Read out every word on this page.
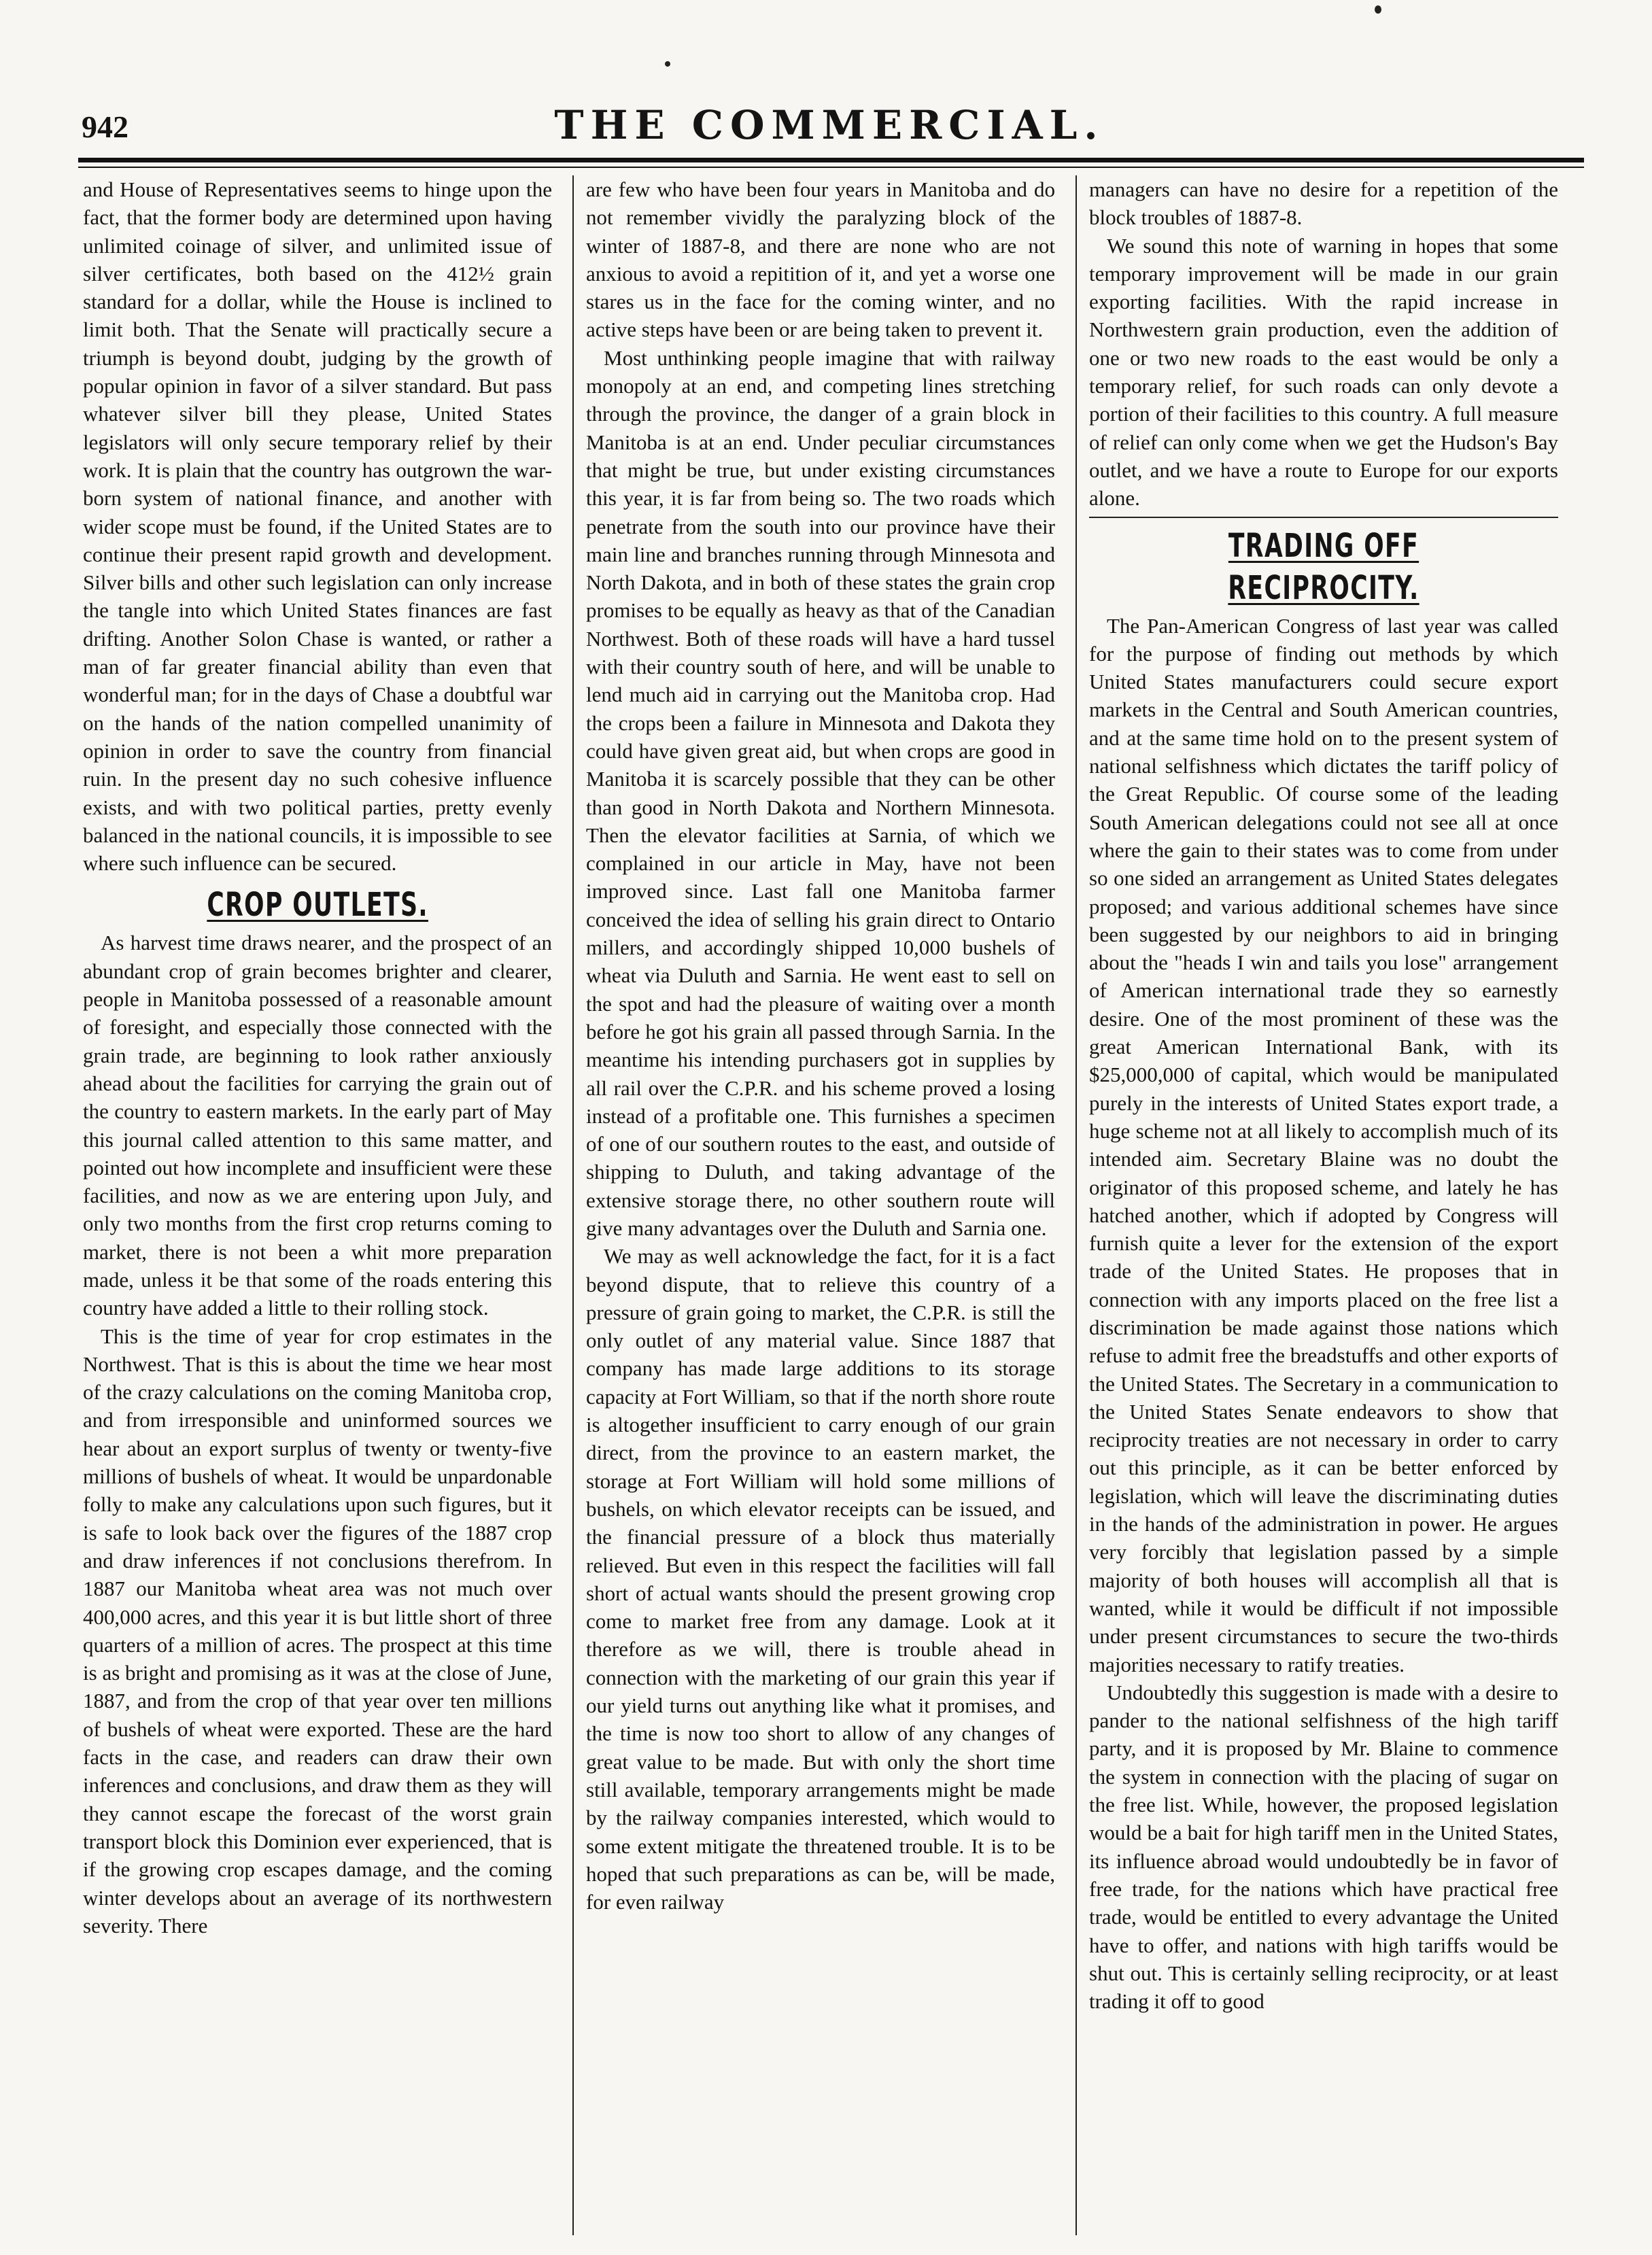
942	THE COMMERCIAL.

and House of Representatives seems to hinge upon the fact, that the former body are determined upon having unlimited coinage of silver, and unlimited issue of silver certificates, both based on the 412½ grain standard for a dollar, while the House is inclined to limit both. That the Senate will practically secure a triumph is beyond doubt, judging by the growth of popular opinion in favor of a silver standard. But pass whatever silver bill they please, United States legislators will only secure temporary relief by their work. It is plain that the country has outgrown the war-born system of national finance, and another with wider scope must be found, if the United States are to continue their present rapid growth and development. Silver bills and other such legislation can only increase the tangle into which United States finances are fast drifting. Another Solon Chase is wanted, or rather a man of far greater financial ability than even that wonderful man; for in the days of Chase a doubtful war on the hands of the nation compelled unanimity of opinion in order to save the country from financial ruin. In the present day no such cohesive influence exists, and with two political parties, pretty evenly balanced in the national councils, it is impossible to see where such influence can be secured.

CROP OUTLETS.

As harvest time draws nearer, and the prospect of an abundant crop of grain becomes brighter and clearer, people in Manitoba possessed of a reasonable amount of foresight, and especially those connected with the grain trade, are beginning to look rather anxiously ahead about the facilities for carrying the grain out of the country to eastern markets. In the early part of May this journal called attention to this same matter, and pointed out how incomplete and insufficient were these facilities, and now as we are entering upon July, and only two months from the first crop returns coming to market, there is not been a whit more preparation made, unless it be that some of the roads entering this country have added a little to their rolling stock.

This is the time of year for crop estimates in the Northwest. That is this is about the time we hear most of the crazy calculations on the coming Manitoba crop, and from irresponsible and uninformed sources we hear about an export surplus of twenty or twenty-five millions of bushels of wheat. It would be unpardonable folly to make any calculations upon such figures, but it is safe to look back over the figures of the 1887 crop and draw inferences if not conclusions therefrom. In 1887 our Manitoba wheat area was not much over 400,000 acres, and this year it is but little short of three quarters of a million of acres. The prospect at this time is as bright and promising as it was at the close of June, 1887, and from the crop of that year over ten millions of bushels of wheat were exported. These are the hard facts in the case, and readers can draw their own inferences and conclusions, and draw them as they will they cannot escape the forecast of the worst grain transport block this Dominion ever experienced, that is if the growing crop escapes damage, and the coming winter develops about an average of its northwestern severity. There

are few who have been four years in Manitoba and do not remember vividly the paralyzing block of the winter of 1887-8, and there are none who are not anxious to avoid a repitition of it, and yet a worse one stares us in the face for the coming winter, and no active steps have been or are being taken to prevent it.

Most unthinking people imagine that with railway monopoly at an end, and competing lines stretching through the province, the danger of a grain block in Manitoba is at an end. Under peculiar circumstances that might be true, but under existing circumstances this year, it is far from being so. The two roads which penetrate from the south into our province have their main line and branches running through Minnesota and North Dakota, and in both of these states the grain crop promises to be equally as heavy as that of the Canadian Northwest. Both of these roads will have a hard tussel with their country south of here, and will be unable to lend much aid in carrying out the Manitoba crop. Had the crops been a failure in Minnesota and Dakota they could have given great aid, but when crops are good in Manitoba it is scarcely possible that they can be other than good in North Dakota and Northern Minnesota. Then the elevator facilities at Sarnia, of which we complained in our article in May, have not been improved since. Last fall one Manitoba farmer conceived the idea of selling his grain direct to Ontario millers, and accordingly shipped 10,000 bushels of wheat via Duluth and Sarnia. He went east to sell on the spot and had the pleasure of waiting over a month before he got his grain all passed through Sarnia. In the meantime his intending purchasers got in supplies by all rail over the C.P.R. and his scheme proved a losing instead of a profitable one. This furnishes a specimen of one of our southern routes to the east, and outside of shipping to Duluth, and taking advantage of the extensive storage there, no other southern route will give many advantages over the Duluth and Sarnia one.

We may as well acknowledge the fact, for it is a fact beyond dispute, that to relieve this country of a pressure of grain going to market, the C.P.R. is still the only outlet of any material value. Since 1887 that company has made large additions to its storage capacity at Fort William, so that if the north shore route is altogether insufficient to carry enough of our grain direct, from the province to an eastern market, the storage at Fort William will hold some millions of bushels, on which elevator receipts can be issued, and the financial pressure of a block thus materially relieved. But even in this respect the facilities will fall short of actual wants should the present growing crop come to market free from any damage. Look at it therefore as we will, there is trouble ahead in connection with the marketing of our grain this year if our yield turns out anything like what it promises, and the time is now too short to allow of any changes of great value to be made. But with only the short time still available, temporary arrangements might be made by the railway companies interested, which would to some extent mitigate the threatened trouble. It is to be hoped that such preparations as can be, will be made, for even railway

managers can have no desire for a repetition of the block troubles of 1887-8.

We sound this note of warning in hopes that some temporary improvement will be made in our grain exporting facilities. With the rapid increase in Northwestern grain production, even the addition of one or two new roads to the east would be only a temporary relief, for such roads can only devote a portion of their facilities to this country. A full measure of relief can only come when we get the Hudson's Bay outlet, and we have a route to Europe for our exports alone.

TRADING OFF RECIPROCITY.

The Pan-American Congress of last year was called for the purpose of finding out methods by which United States manufacturers could secure export markets in the Central and South American countries, and at the same time hold on to the present system of national selfishness which dictates the tariff policy of the Great Republic. Of course some of the leading South American delegations could not see all at once where the gain to their states was to come from under so one sided an arrangement as United States delegates proposed; and various additional schemes have since been suggested by our neighbors to aid in bringing about the "heads I win and tails you lose" arrangement of American international trade they so earnestly desire. One of the most prominent of these was the great American International Bank, with its $25,000,000 of capital, which would be manipulated purely in the interests of United States export trade, a huge scheme not at all likely to accomplish much of its intended aim. Secretary Blaine was no doubt the originator of this proposed scheme, and lately he has hatched another, which if adopted by Congress will furnish quite a lever for the extension of the export trade of the United States. He proposes that in connection with any imports placed on the free list a discrimination be made against those nations which refuse to admit free the breadstuffs and other exports of the United States. The Secretary in a communication to the United States Senate endeavors to show that reciprocity treaties are not necessary in order to carry out this principle, as it can be better enforced by legislation, which will leave the discriminating duties in the hands of the administration in power. He argues very forcibly that legislation passed by a simple majority of both houses will accomplish all that is wanted, while it would be difficult if not impossible under present circumstances to secure the two-thirds majorities necessary to ratify treaties.

Undoubtedly this suggestion is made with a desire to pander to the national selfishness of the high tariff party, and it is proposed by Mr. Blaine to commence the system in connection with the placing of sugar on the free list. While, however, the proposed legislation would be a bait for high tariff men in the United States, its influence abroad would undoubtedly be in favor of free trade, for the nations which have practical free trade, would be entitled to every advantage the United have to offer, and nations with high tariffs would be shut out. This is certainly selling reciprocity, or at least trading it off to good
